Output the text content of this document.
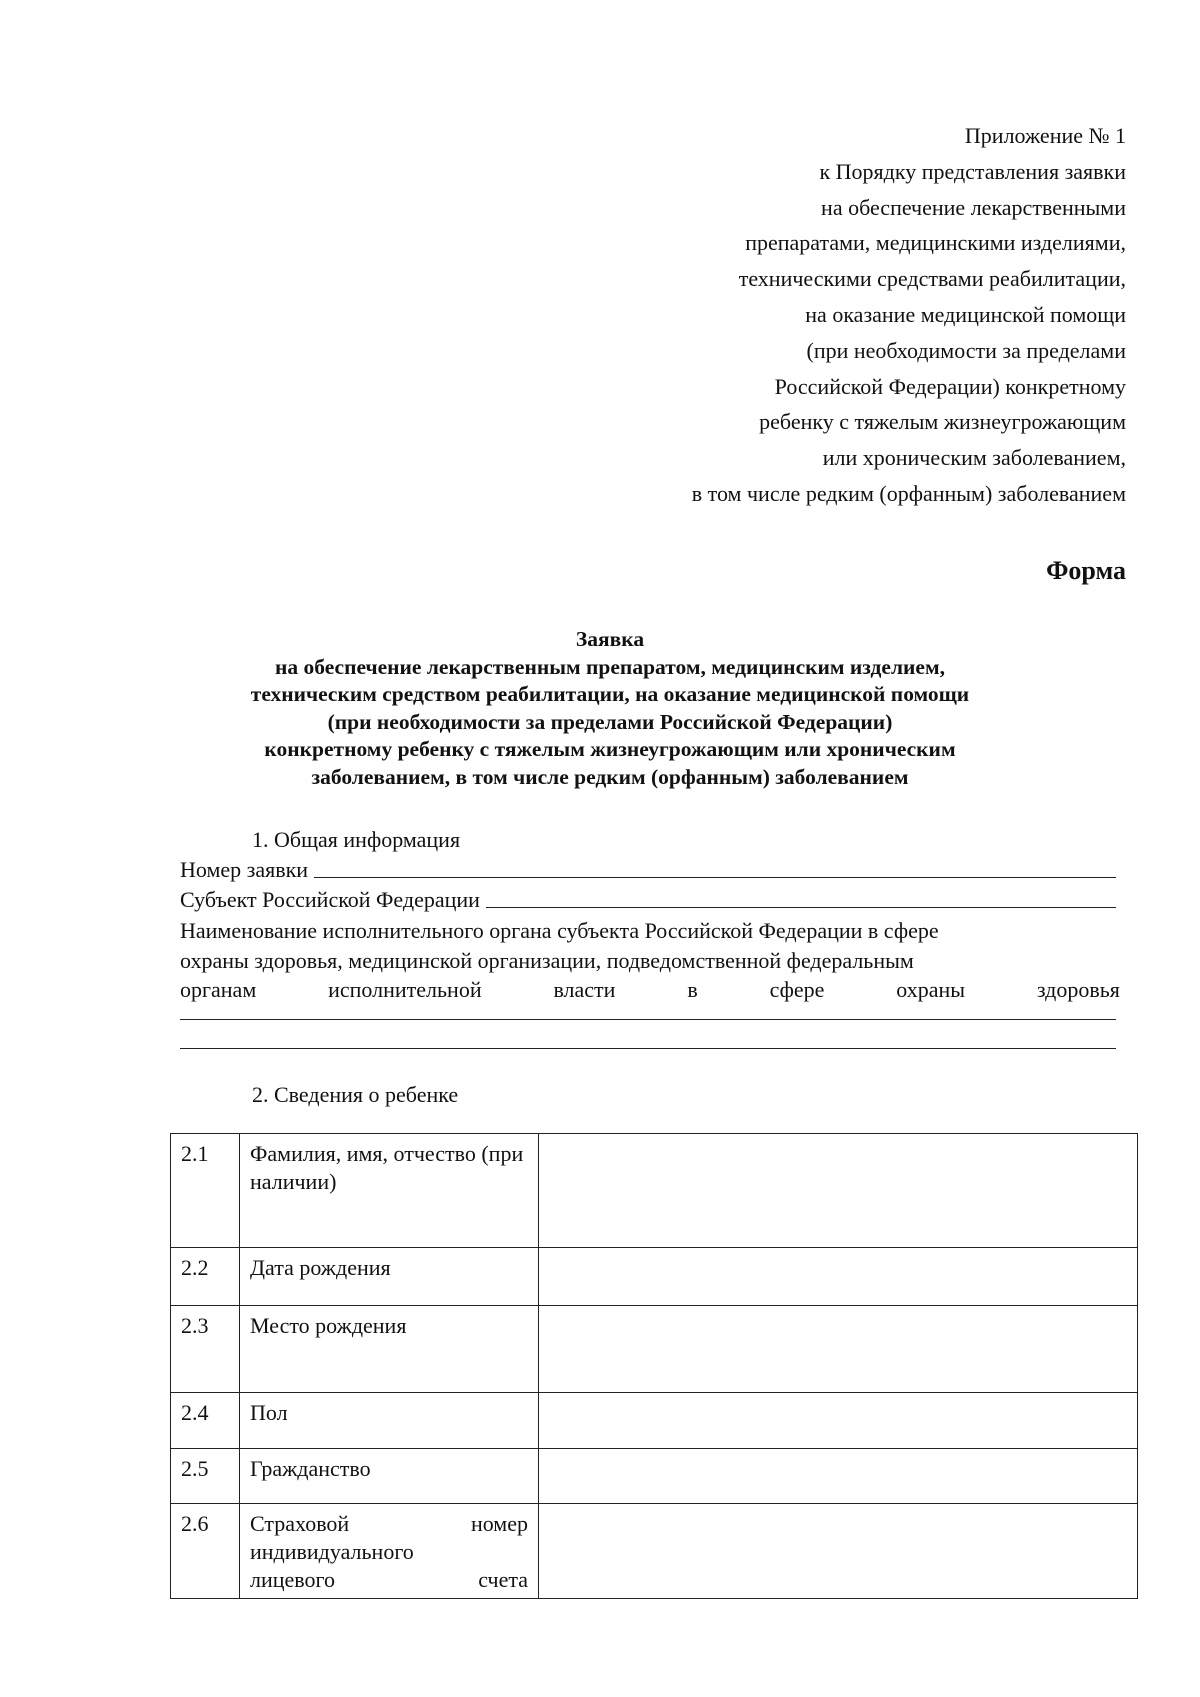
Приложение № 1
к Порядку представления заявки
на обеспечение лекарственными
препаратами, медицинскими изделиями,
техническими средствами реабилитации,
на оказание медицинской помощи
(при необходимости за пределами
Российской Федерации) конкретному
ребенку с тяжелым жизнеугрожающим
или хроническим заболеванием,
в том числе редким (орфанным) заболеванием
Форма
Заявка
на обеспечение лекарственным препаратом, медицинским изделием,
техническим средством реабилитации, на оказание медицинской помощи
(при необходимости за пределами Российской Федерации)
конкретному ребенку с тяжелым жизнеугрожающим или хроническим
заболеванием, в том числе редким (орфанным) заболеванием
1. Общая информация
Номер заявки
Субъект Российской Федерации
Наименование исполнительного органа субъекта Российской Федерации в сфере
охраны здоровья, медицинской организации, подведомственной федеральным
органам	исполнительной	власти	в	сфере	охраны	здоровья
2. Сведения о ребенке
2.1	Фамилия, имя, отчество (при наличии)	
2.2	Дата рождения	
2.3	Место рождения	
2.4	Пол	
2.5	Гражданство	
2.6	Страховой номер
индивидуального
лицевого счета	
